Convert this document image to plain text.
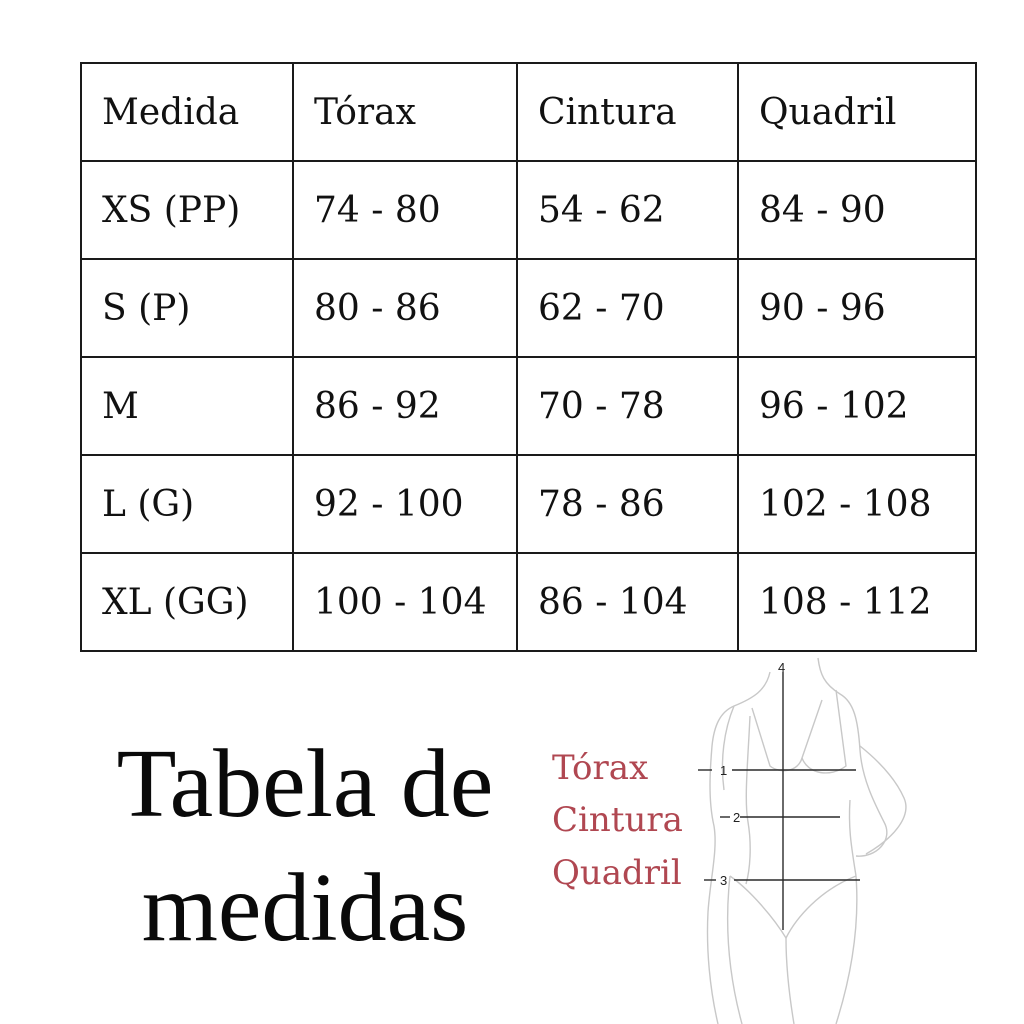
Medida	Tórax	Cintura	Quadril
XS (PP)	74 - 80	54 - 62	84 - 90
S (P)	80 - 86	62 - 70	90 - 96
M	86 - 92	70 - 78	96 - 102
L (G)	92 - 100	78 - 86	102 - 108
XL (GG)	100 - 104	86 - 104	108 - 112
Tabela de
medidas
Tórax
Cintura
Quadril
4
1
2
3
